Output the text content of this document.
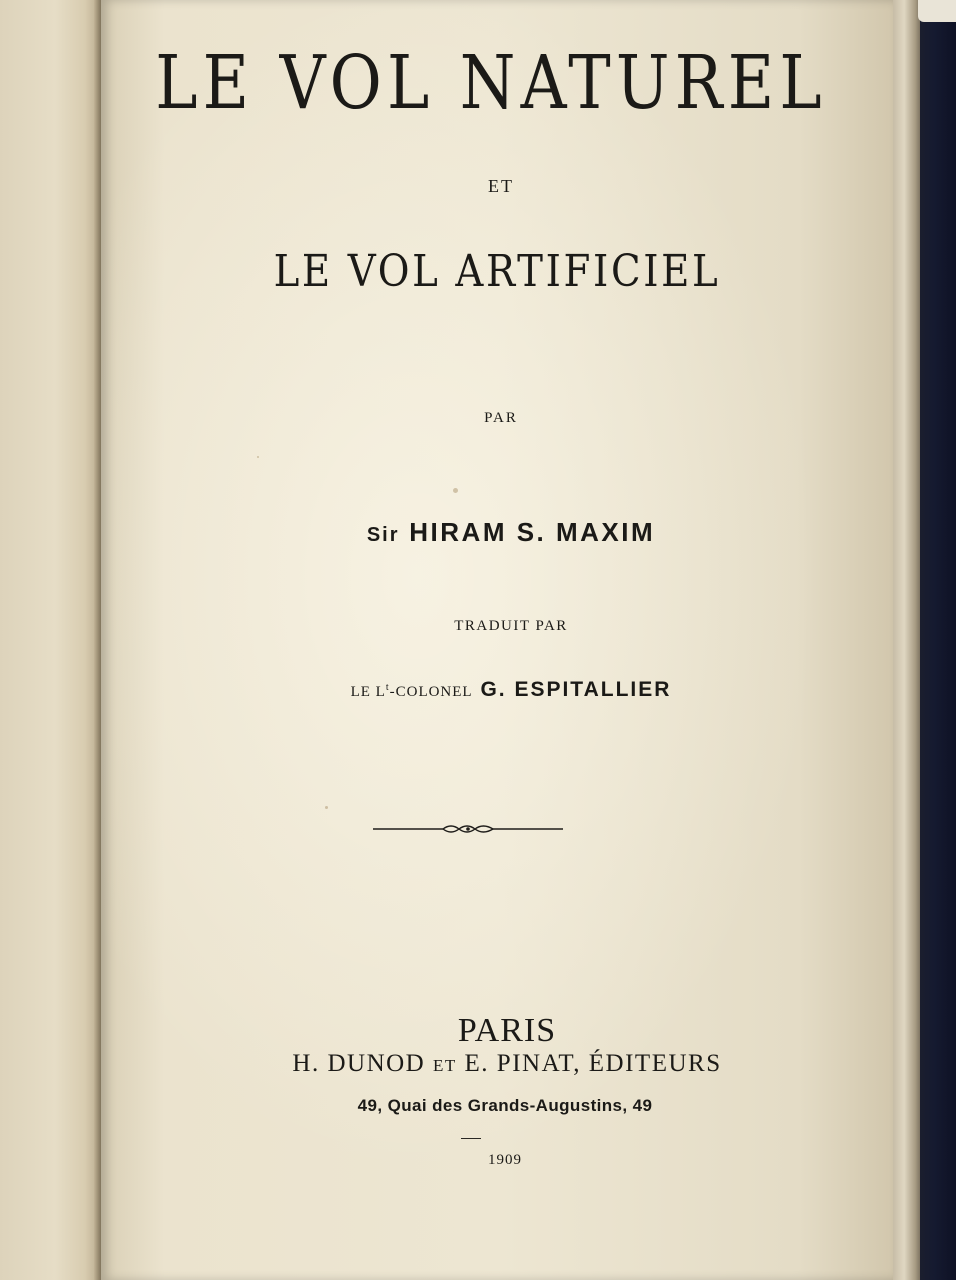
LE VOL NATUREL
ET
LE VOL ARTIFICIEL
PAR
Sir HIRAM S. MAXIM
TRADUIT PAR
LE $L^t$-COLONEL G. ESPITALLIER
PARIS
H. DUNOD ET E. PINAT, ÉDITEURS
49, Quai des Grands-Augustins, 49
1909
